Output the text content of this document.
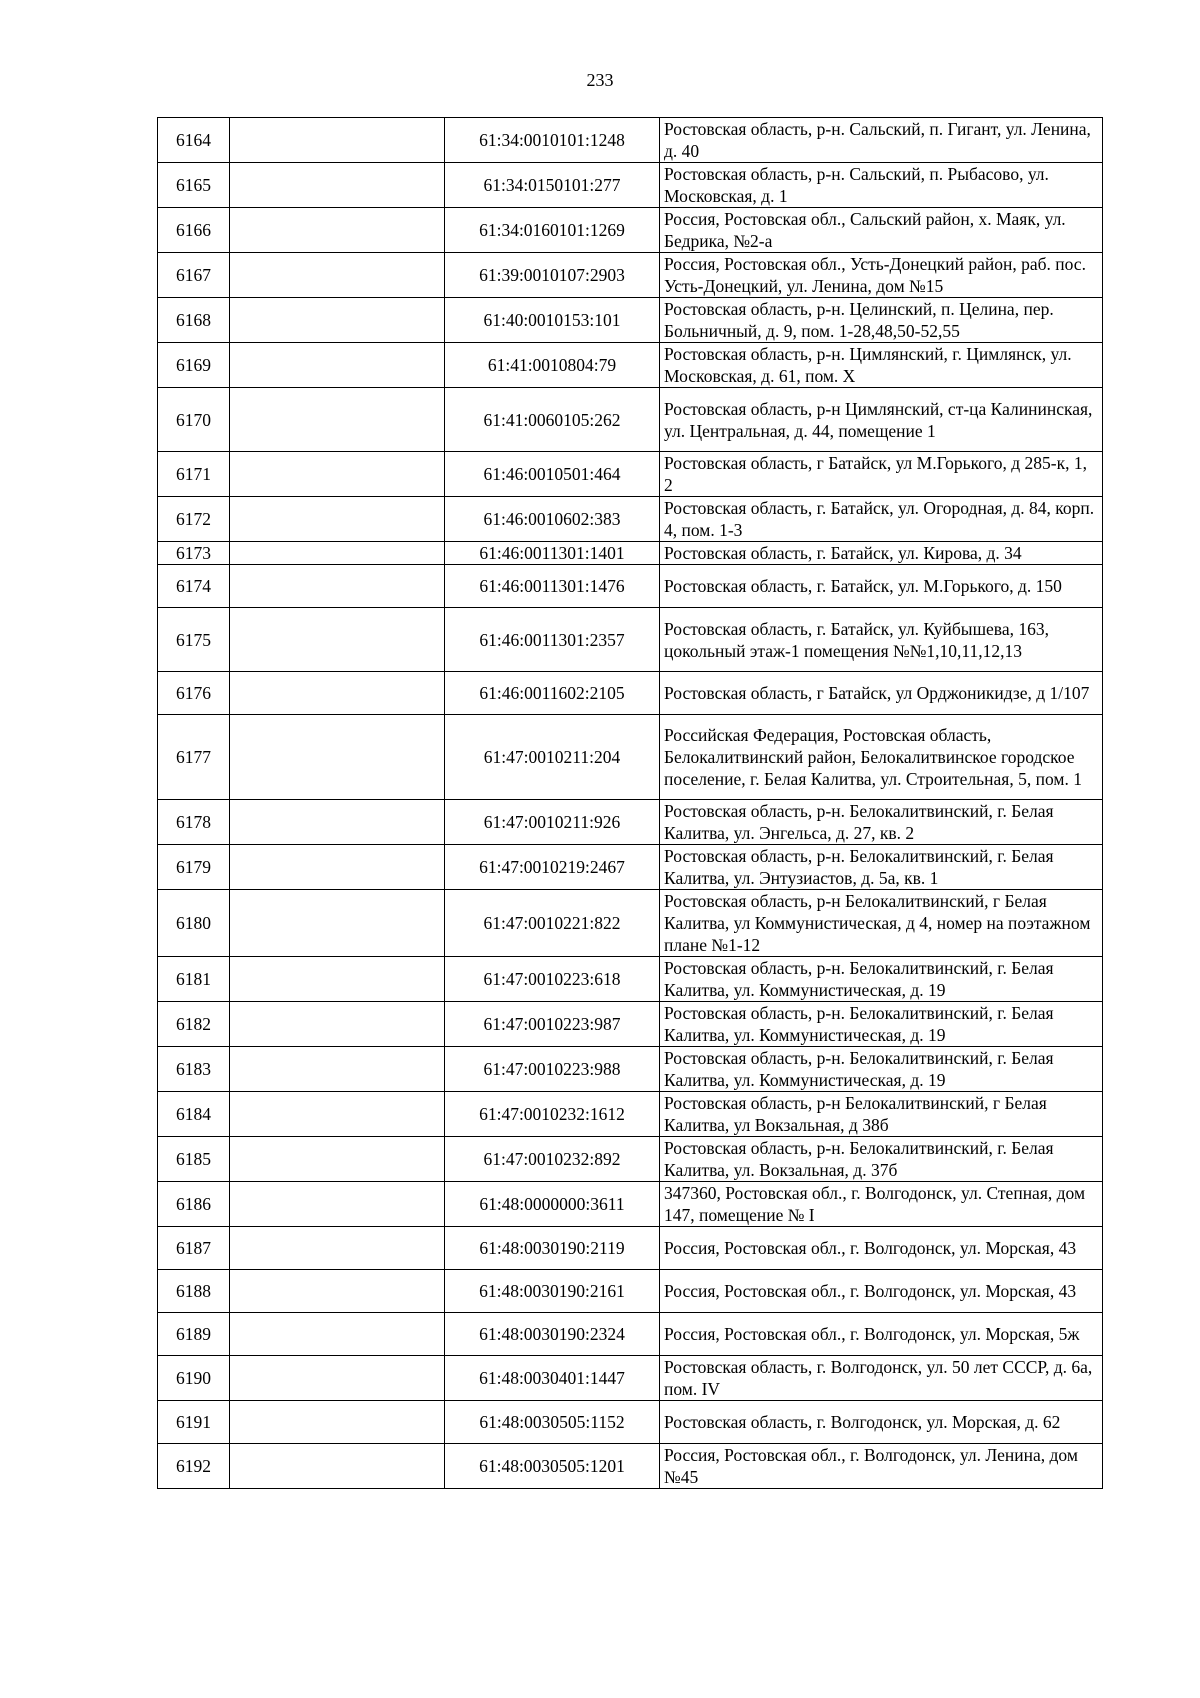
233
6164		61:34:0010101:1248	Ростовская область, р-н. Сальский, п. Гигант, ул. Ленина, д. 40
6165		61:34:0150101:277	Ростовская область, р-н. Сальский, п. Рыбасово, ул. Московская, д. 1
6166		61:34:0160101:1269	Россия, Ростовская обл., Сальский район, х. Маяк, ул. Бедрика, №2-а
6167		61:39:0010107:2903	Россия, Ростовская обл., Усть-Донецкий район, раб. пос. Усть-Донецкий, ул. Ленина, дом №15
6168		61:40:0010153:101	Ростовская область, р-н. Целинский, п. Целина, пер. Больничный, д. 9, пом. 1-28,48,50-52,55
6169		61:41:0010804:79	Ростовская область, р-н. Цимлянский, г. Цимлянск, ул. Московская, д. 61, пом. X
6170		61:41:0060105:262	Ростовская область, р-н Цимлянский, ст-ца Калининская, ул. Центральная, д. 44, помещение 1
6171		61:46:0010501:464	Ростовская область, г Батайск, ул М.Горького, д 285-к, 1, 2
6172		61:46:0010602:383	Ростовская область, г. Батайск, ул. Огородная, д. 84, корп. 4, пом. 1-3
6173		61:46:0011301:1401	Ростовская область, г. Батайск, ул. Кирова, д. 34
6174		61:46:0011301:1476	Ростовская область, г. Батайск, ул. М.Горького, д. 150
6175		61:46:0011301:2357	Ростовская область, г. Батайск, ул. Куйбышева, 163, цокольный этаж-1 помещения №№1,10,11,12,13
6176		61:46:0011602:2105	Ростовская область, г Батайск, ул Орджоникидзе, д 1/107
6177		61:47:0010211:204	Российская Федерация, Ростовская область, Белокалитвинский район, Белокалитвинское городское поселение, г. Белая Калитва, ул. Строительная, 5, пом. 1
6178		61:47:0010211:926	Ростовская область, р-н. Белокалитвинский, г. Белая Калитва, ул. Энгельса, д. 27, кв. 2
6179		61:47:0010219:2467	Ростовская область, р-н. Белокалитвинский, г. Белая Калитва, ул. Энтузиастов, д. 5а, кв. 1
6180		61:47:0010221:822	Ростовская область, р-н Белокалитвинский, г Белая Калитва, ул Коммунистическая, д 4, номер на поэтажном плане №1-12
6181		61:47:0010223:618	Ростовская область, р-н. Белокалитвинский, г. Белая Калитва, ул. Коммунистическая, д. 19
6182		61:47:0010223:987	Ростовская область, р-н. Белокалитвинский, г. Белая Калитва, ул. Коммунистическая, д. 19
6183		61:47:0010223:988	Ростовская область, р-н. Белокалитвинский, г. Белая Калитва, ул. Коммунистическая, д. 19
6184		61:47:0010232:1612	Ростовская область, р-н Белокалитвинский, г Белая Калитва, ул Вокзальная, д 38б
6185		61:47:0010232:892	Ростовская область, р-н. Белокалитвинский, г. Белая Калитва, ул. Вокзальная, д. 37б
6186		61:48:0000000:3611	347360, Ростовская обл., г. Волгодонск, ул. Степная, дом 147, помещение № I
6187		61:48:0030190:2119	Россия, Ростовская обл., г. Волгодонск, ул. Морская, 43
6188		61:48:0030190:2161	Россия, Ростовская обл., г. Волгодонск, ул. Морская, 43
6189		61:48:0030190:2324	Россия, Ростовская обл., г. Волгодонск, ул. Морская, 5ж
6190		61:48:0030401:1447	Ростовская область, г. Волгодонск, ул. 50 лет СССР, д. 6а, пом. IV
6191		61:48:0030505:1152	Ростовская область, г. Волгодонск, ул. Морская, д. 62
6192		61:48:0030505:1201	Россия, Ростовская обл., г. Волгодонск, ул. Ленина, дом №45
